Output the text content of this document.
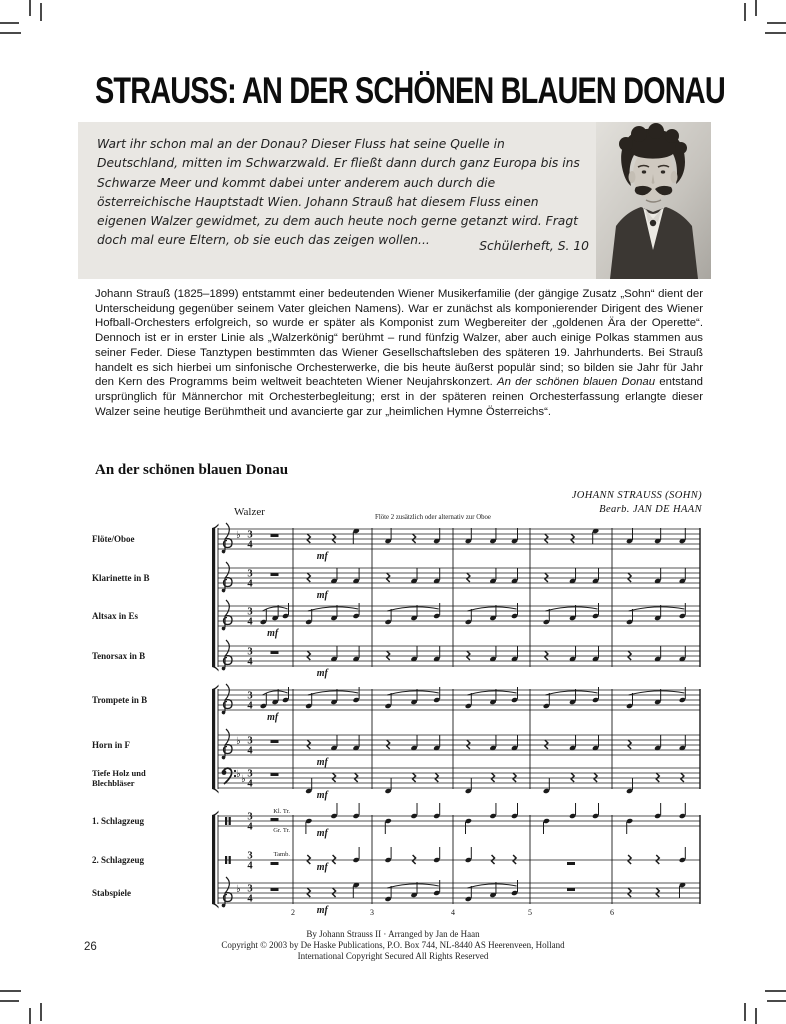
STRAUSS: AN DER SCHÖNEN BLAUEN DONAU
Wart ihr schon mal an der Donau? Dieser Fluss hat seine Quelle in Deutschland, mitten im Schwarzwald. Er fließt dann durch ganz Europa bis ins Schwarze Meer und kommt dabei unter anderem auch durch die österreichische Hauptstadt Wien. Johann Strauß hat diesem Fluss einen eigenen Walzer gewidmet, zu dem auch heute noch gerne getanzt wird. Fragt doch mal eure Eltern, ob sie euch das zeigen wollen...	Schülerheft, S. 10
Johann Strauß (1825–1899) entstammt einer bedeutenden Wiener Musikerfamilie (der gängige Zusatz „Sohn“ dient der Unterscheidung gegenüber seinem Vater gleichen Namens). War er zunächst als komponierender Dirigent des Wiener Hofball-Orchesters erfolgreich, so wurde er später als Komponist zum Wegbereiter der „goldenen Ära der Operette“. Dennoch ist er in erster Linie als „Walzerkönig“ berühmt – rund fünfzig Walzer, aber auch einige Polkas stammen aus seiner Feder. Diese Tanztypen bestimmten das Wiener Gesellschaftsleben des späteren 19. Jahrhunderts. Bei Strauß handelt es sich hierbei um sinfonische Orchesterwerke, die bis heute äußerst populär sind; so bilden sie Jahr für Jahr den Kern des Programms beim weltweit beachteten Wiener Neujahrskonzert. An der schönen blauen Donau entstand ursprünglich für Männerchor mit Orchesterbegleitung; erst in der späteren reinen Orchesterfassung erlangte dieser Walzer seine heutige Berühmtheit und avancierte gar zur „heimlichen Hymne Österreichs“.
An der schönen blauen Donau
JOHANN STRAUSS (SOHN)
Bearb. JAN DE HAAN
Flöte/Oboe
Klarinette in B
Altsax in Es
Tenorsax in B
Trompete in B
Horn in F
Tiefe Holz und
Blechbläser
1. Schlagzeug
Kl. Tr.
Gr. Tr.
2. Schlagzeug
Tamb.
Stabspiele
♭ 3
4
3
4
3
4
3
4
3
4
♭ 3
4
♭ ♭ 3
4
3
4
3
4
♭ 3
4
mf
mf
mf
mf
mf
mf
mf
mf
mf
mf
Walzer	Flöte 2 zusätzlich oder alternativ zur Oboe
2	3	4	5	6
By Johann Strauss II · Arranged by Jan de Haan
Copyright © 2003 by De Haske Publications, P.O. Box 744, NL-8440 AS Heerenveen, Holland
International Copyright Secured All Rights Reserved
26
